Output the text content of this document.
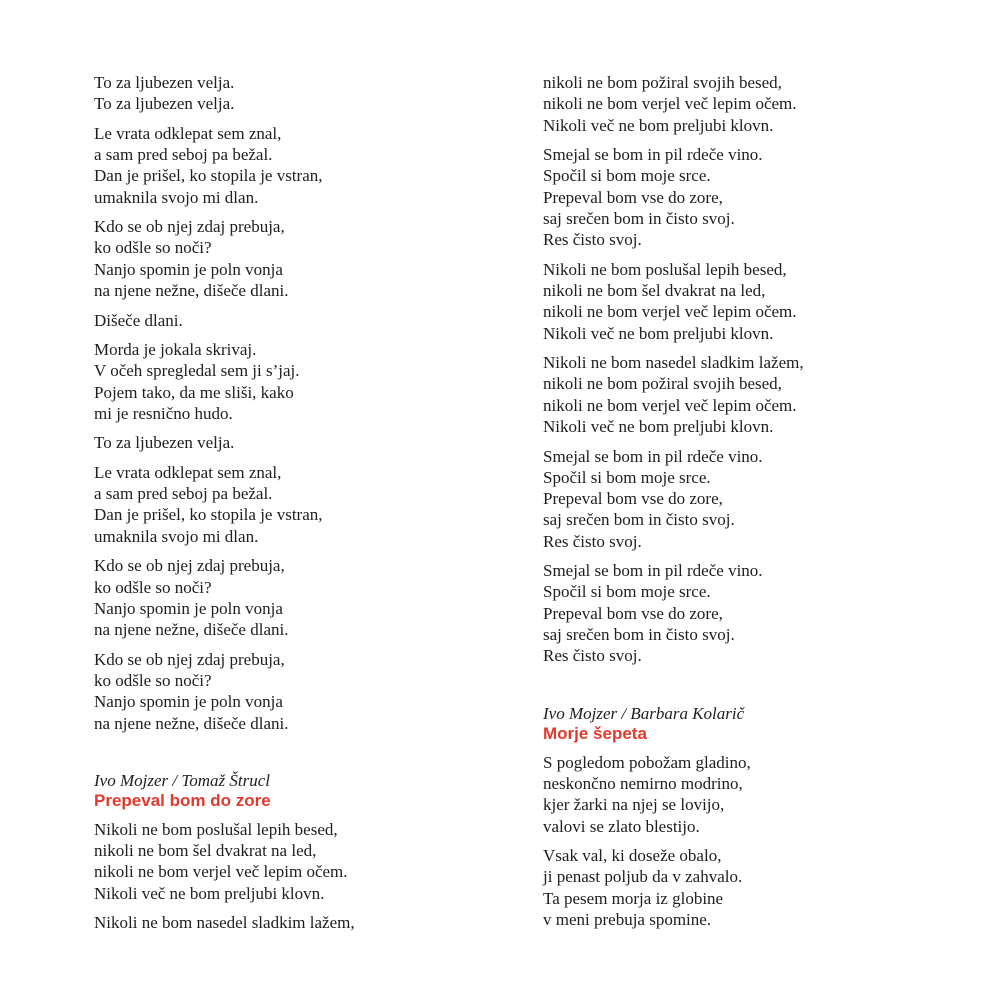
To za ljubezen velja.
To za ljubezen velja.
Le vrata odklepat sem znal,
a sam pred seboj pa bežal.
Dan je prišel, ko stopila je vstran,
umaknila svojo mi dlan.
Kdo se ob njej zdaj prebuja,
ko odšle so noči?
Nanjo spomin je poln vonja
na njene nežne, dišeče dlani.
Dišeče dlani.
Morda je jokala skrivaj.
V očeh spregledal sem ji s’jaj.
Pojem tako, da me sliši, kako
mi je resnično hudo.
To za ljubezen velja.
Le vrata odklepat sem znal,
a sam pred seboj pa bežal.
Dan je prišel, ko stopila je vstran,
umaknila svojo mi dlan.
Kdo se ob njej zdaj prebuja,
ko odšle so noči?
Nanjo spomin je poln vonja
na njene nežne, dišeče dlani.
Kdo se ob njej zdaj prebuja,
ko odšle so noči?
Nanjo spomin je poln vonja
na njene nežne, dišeče dlani.
Ivo Mojzer / Tomaž Štrucl
Prepeval bom do zore
Nikoli ne bom poslušal lepih besed,
nikoli ne bom šel dvakrat na led,
nikoli ne bom verjel več lepim očem.
Nikoli več ne bom preljubi klovn.
Nikoli ne bom nasedel sladkim lažem,
nikoli ne bom požiral svojih besed,
nikoli ne bom verjel več lepim očem.
Nikoli več ne bom preljubi klovn.
Smejal se bom in pil rdeče vino.
Spočil si bom moje srce.
Prepeval bom vse do zore,
saj srečen bom in čisto svoj.
Res čisto svoj.
Nikoli ne bom poslušal lepih besed,
nikoli ne bom šel dvakrat na led,
nikoli ne bom verjel več lepim očem.
Nikoli več ne bom preljubi klovn.
Nikoli ne bom nasedel sladkim lažem,
nikoli ne bom požiral svojih besed,
nikoli ne bom verjel več lepim očem.
Nikoli več ne bom preljubi klovn.
Smejal se bom in pil rdeče vino.
Spočil si bom moje srce.
Prepeval bom vse do zore,
saj srečen bom in čisto svoj.
Res čisto svoj.
Smejal se bom in pil rdeče vino.
Spočil si bom moje srce.
Prepeval bom vse do zore,
saj srečen bom in čisto svoj.
Res čisto svoj.
Ivo Mojzer / Barbara Kolarič
Morje šepeta
S pogledom pobožam gladino,
neskončno nemirno modrino,
kjer žarki na njej se lovijo,
valovi se zlato blestijo.
Vsak val, ki doseže obalo,
ji penast poljub da v zahvalo.
Ta pesem morja iz globine
v meni prebuja spomine.
